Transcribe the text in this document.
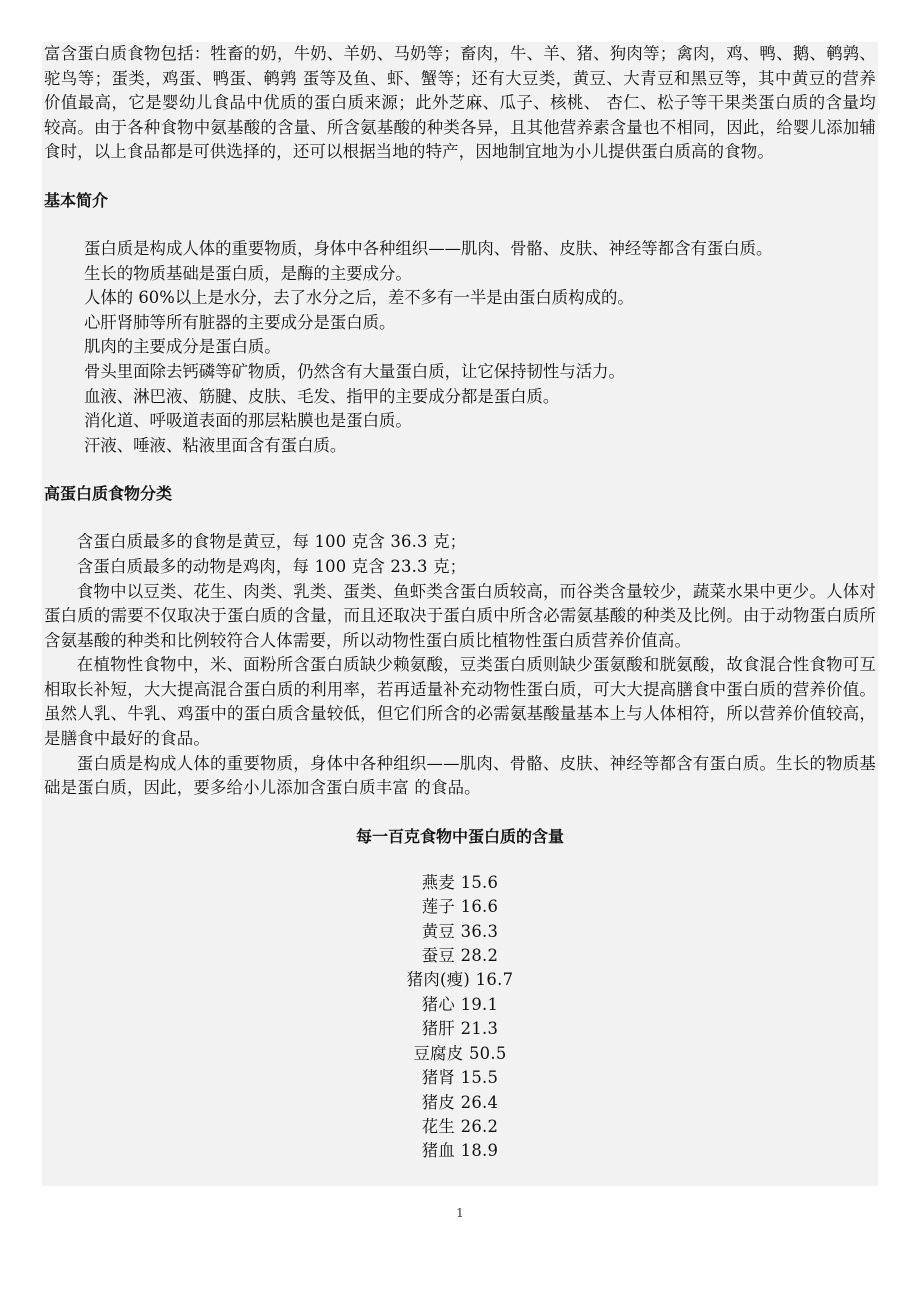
富含蛋白质食物包括：牲畜的奶，牛奶、羊奶、马奶等；畜肉，牛、羊、猪、狗肉等；禽肉，鸡、鸭、鹅、鹌鹑、驼鸟等；蛋类，鸡蛋、鸭蛋、鹌鹑 蛋等及鱼、虾、蟹等；还有大豆类，黄豆、大青豆和黑豆等，其中黄豆的营养价值最高，它是婴幼儿食品中优质的蛋白质来源；此外芝麻、瓜子、核桃、 杏仁、松子等干果类蛋白质的含量均较高。由于各种食物中氨基酸的含量、所含氨基酸的种类各异，且其他营养素含量也不相同，因此，给婴儿添加辅食时，以上食品都是可供选择的，还可以根据当地的特产，因地制宜地为小儿提供蛋白质高的食物。

基本简介

蛋白质是构成人体的重要物质，身体中各种组织——肌肉、骨骼、皮肤、神经等都含有蛋白质。

生长的物质基础是蛋白质，是酶的主要成分。

人体的 60%以上是水分，去了水分之后，差不多有一半是由蛋白质构成的。

心肝肾肺等所有脏器的主要成分是蛋白质。

肌肉的主要成分是蛋白质。

骨头里面除去钙磷等矿物质，仍然含有大量蛋白质，让它保持韧性与活力。

血液、淋巴液、筋腱、皮肤、毛发、指甲的主要成分都是蛋白质。

消化道、呼吸道表面的那层粘膜也是蛋白质。

汗液、唾液、粘液里面含有蛋白质。

高蛋白质食物分类

含蛋白质最多的食物是黄豆，每 100 克含 36.3 克；

含蛋白质最多的动物是鸡肉，每 100 克含 23.3 克；

食物中以豆类、花生、肉类、乳类、蛋类、鱼虾类含蛋白质较高，而谷类含量较少，蔬菜水果中更少。人体对蛋白质的需要不仅取决于蛋白质的含量，而且还取决于蛋白质中所含必需氨基酸的种类及比例。由于动物蛋白质所含氨基酸的种类和比例较符合人体需要，所以动物性蛋白质比植物性蛋白质营养价值高。

在植物性食物中，米、面粉所含蛋白质缺少赖氨酸，豆类蛋白质则缺少蛋氨酸和胱氨酸，故食混合性食物可互相取长补短，大大提高混合蛋白质的利用率，若再适量补充动物性蛋白质，可大大提高膳食中蛋白质的营养价值。虽然人乳、牛乳、鸡蛋中的蛋白质含量较低，但它们所含的必需氨基酸量基本上与人体相符，所以营养价值较高，是膳食中最好的食品。

蛋白质是构成人体的重要物质，身体中各种组织——肌肉、骨骼、皮肤、神经等都含有蛋白质。生长的物质基础是蛋白质，因此，要多给小儿添加含蛋白质丰富 的食品。

每一百克食物中蛋白质的含量

燕麦 15.6

莲子 16.6

黄豆 36.3

蚕豆 28.2

猪肉(瘦) 16.7

猪心 19.1

猪肝 21.3

豆腐皮 50.5

猪肾 15.5

猪皮 26.4

花生 26.2

猪血 18.9

1
